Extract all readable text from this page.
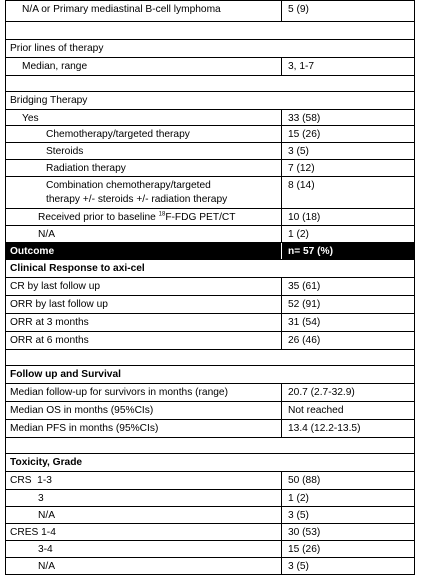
N/A or Primary mediastinal B-cell lymphoma	5 (9)
Prior lines of therapy
Median, range	3, 1-7
Bridging Therapy
Yes	33 (58)
Chemotherapy/targeted therapy	15 (26)
Steroids	3 (5)
Radiation therapy	7 (12)
Combination chemotherapy/targeted
therapy +/- steroids +/- radiation therapy
8 (14)
Received prior to baseline $^{18}$F-FDG PET/CT	10 (18)
N/A	1 (2)
Outcome	n= 57 (%)
Clinical Response to axi-cel
CR by last follow up	35 (61)
ORR by last follow up	52 (91)
ORR at 3 months	31 (54)
ORR at 6 months	26 (46)
Follow up and Survival
Median follow-up for survivors in months (range)	20.7 (2.7-32.9)
Median OS in months (95%CIs)	Not reached
Median PFS in months (95%CIs)	13.4 (12.2-13.5)
Toxicity, Grade
CRS  1-3	50 (88)
3	1 (2)
N/A	3 (5)
CRES 1-4	30 (53)
3-4	15 (26)
N/A	3 (5)
